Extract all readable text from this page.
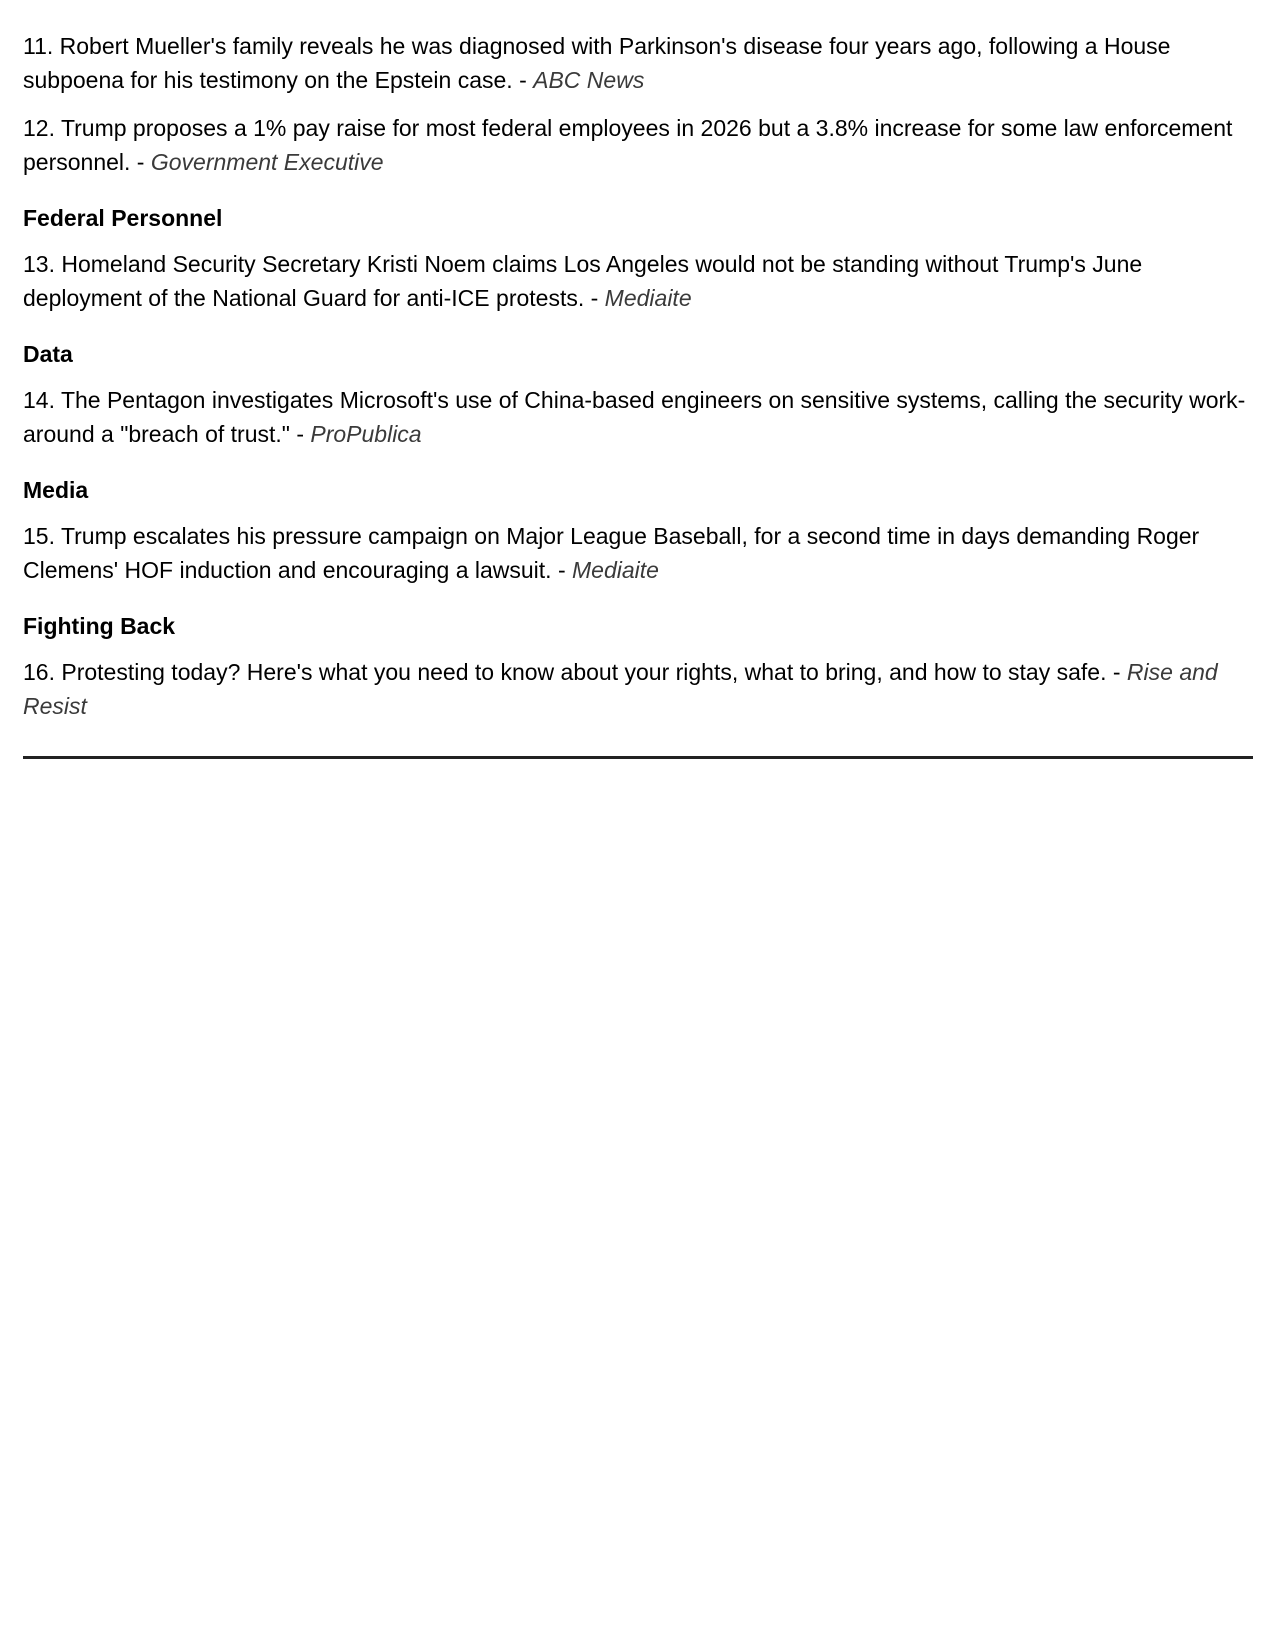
11. Robert Mueller's family reveals he was diagnosed with Parkinson's disease four years ago, following a House subpoena for his testimony on the Epstein case. - ABC News

12. Trump proposes a 1% pay raise for most federal employees in 2026 but a 3.8% increase for some law enforcement personnel. - Government Executive

Federal Personnel

13. Homeland Security Secretary Kristi Noem claims Los Angeles would not be standing without Trump's June deployment of the National Guard for anti-ICE protests. - Mediaite

Data

14. The Pentagon investigates Microsoft's use of China-based engineers on sensitive systems, calling the security work-around a "breach of trust." - ProPublica

Media

15. Trump escalates his pressure campaign on Major League Baseball, for a second time in days demanding Roger Clemens' HOF induction and encouraging a lawsuit. - Mediaite

Fighting Back

16. Protesting today? Here's what you need to know about your rights, what to bring, and how to stay safe. - Rise and Resist
